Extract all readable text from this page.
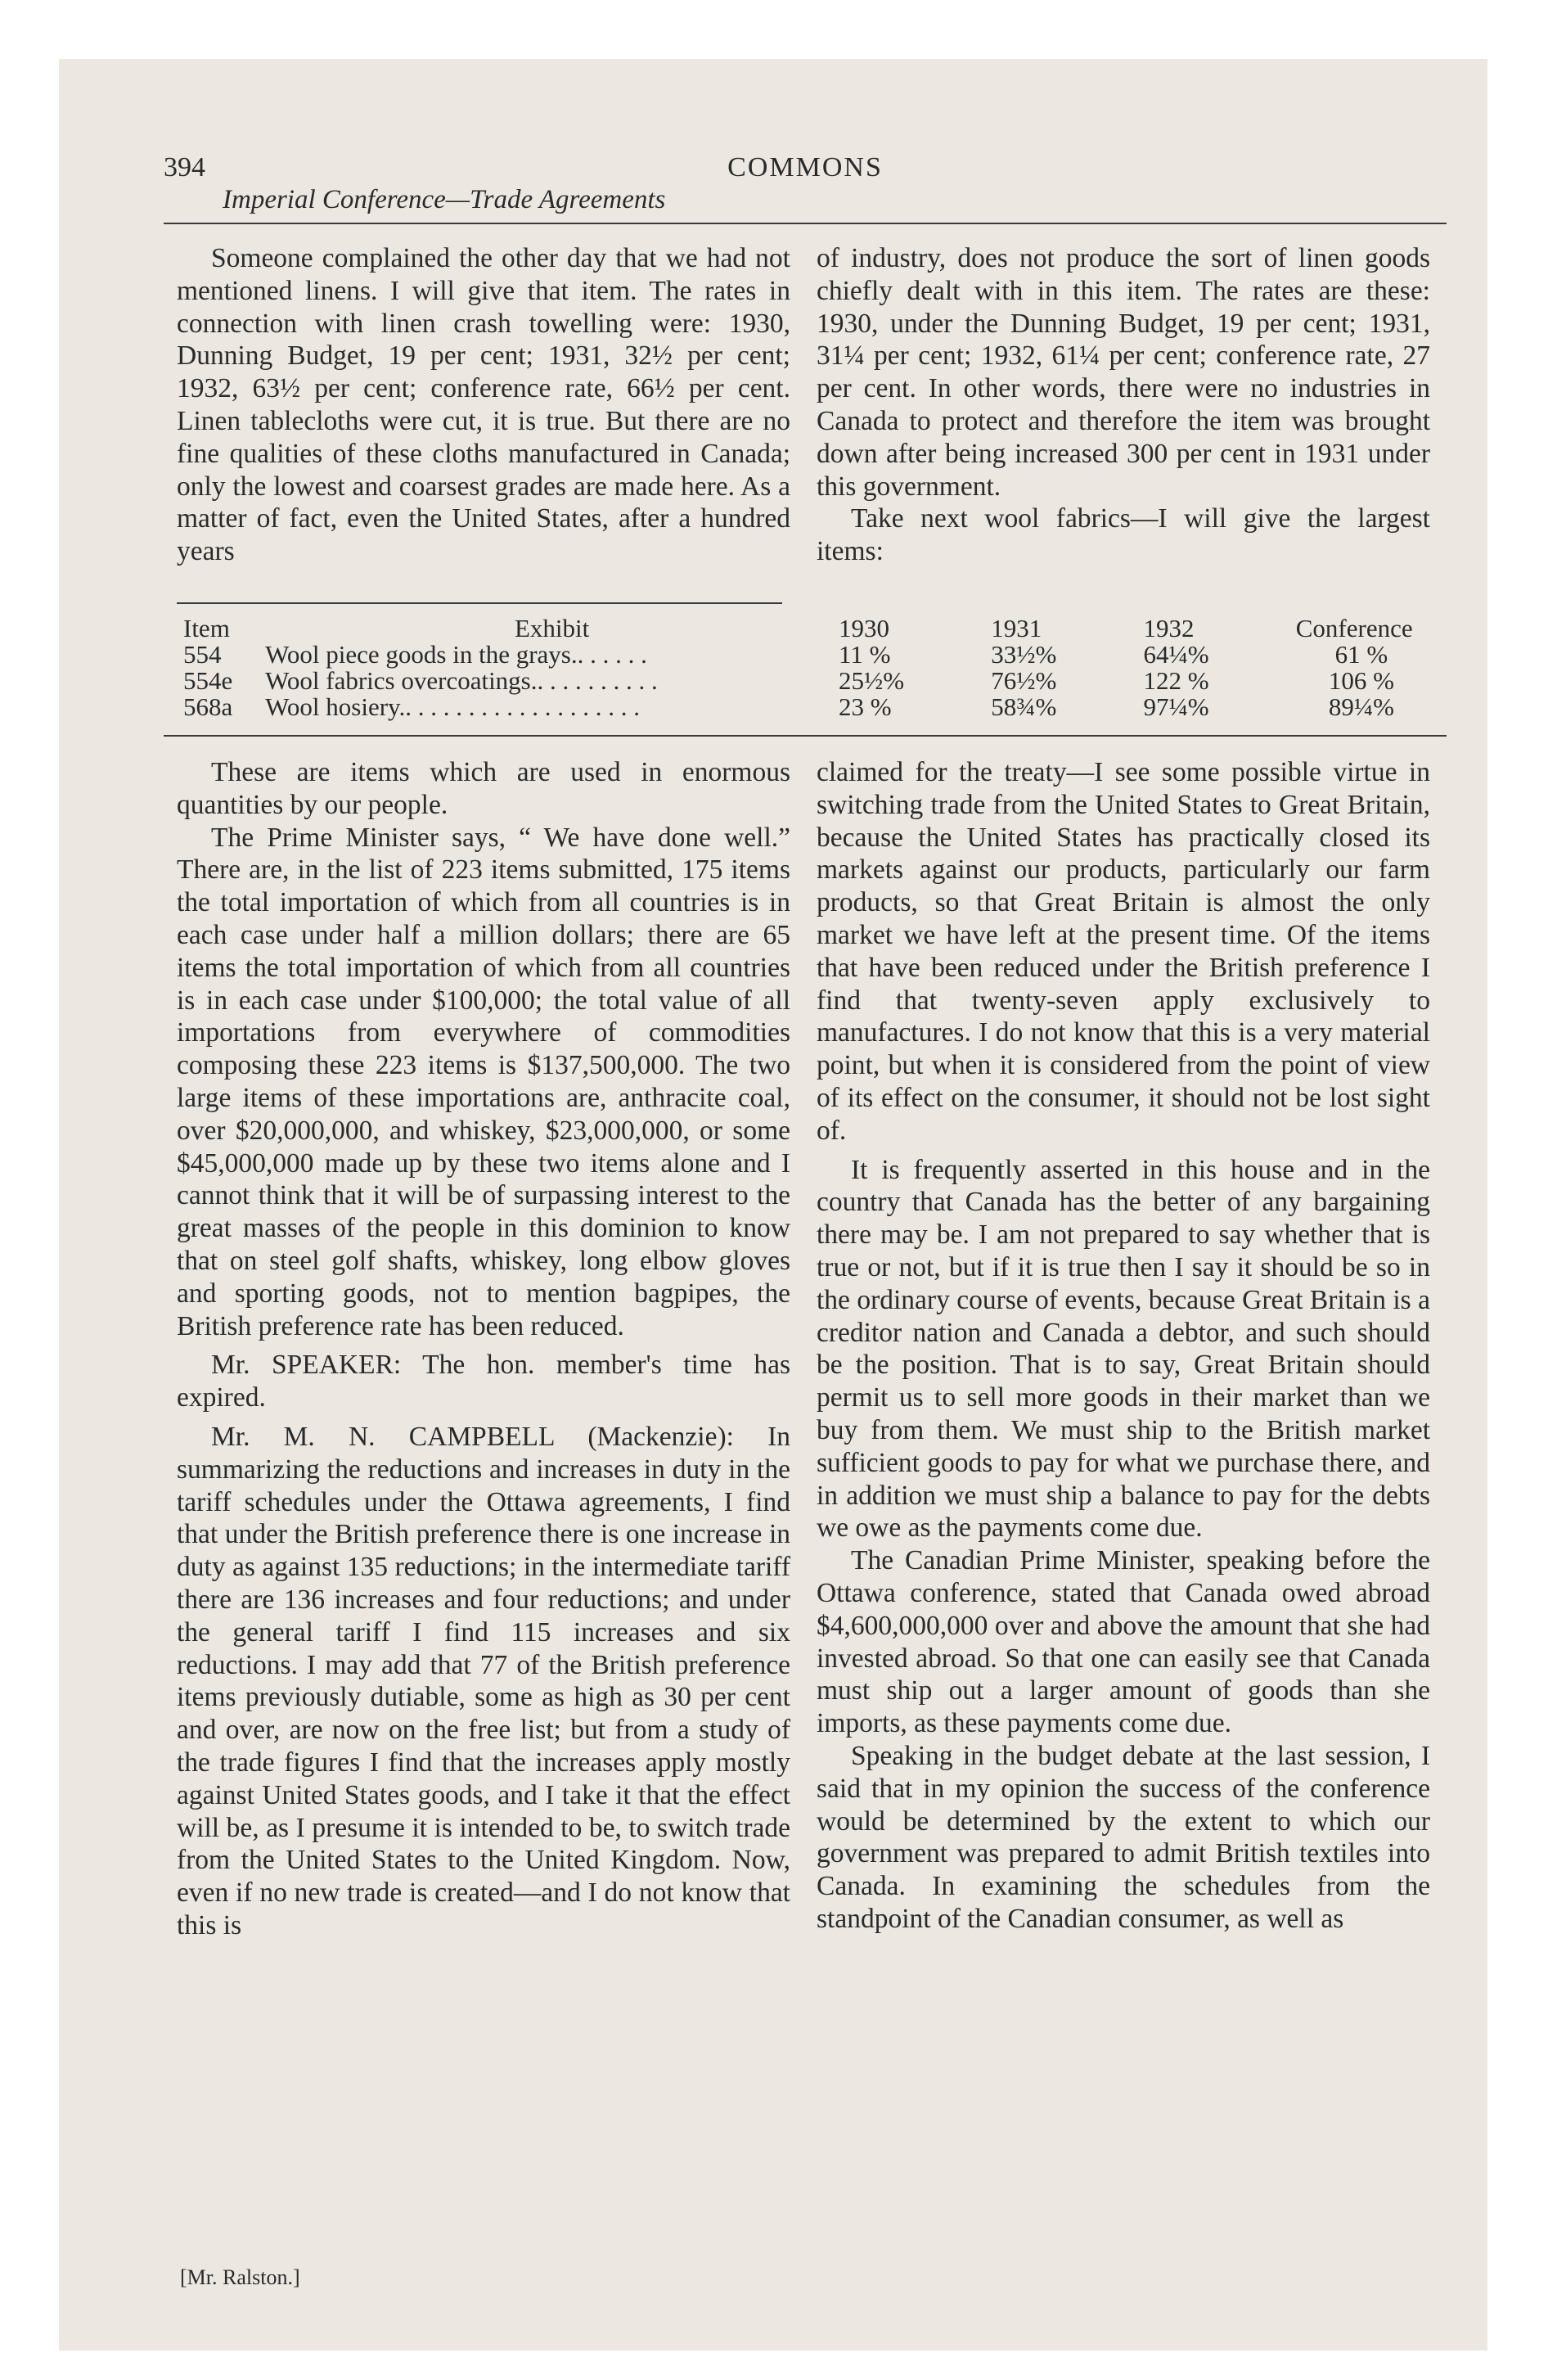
394	COMMONS
Imperial Conference—Trade Agreements

Someone complained the other day that we had not mentioned linens. I will give that item. The rates in connection with linen crash towelling were: 1930, Dunning Budget, 19 per cent; 1931, 32½ per cent; 1932, 63½ per cent; conference rate, 66½ per cent. Linen tablecloths were cut, it is true. But there are no fine qualities of these cloths manufactured in Canada; only the lowest and coarsest grades are made here. As a matter of fact, even the United States, after a hundred years

of industry, does not produce the sort of linen goods chiefly dealt with in this item. The rates are these: 1930, under the Dunning Budget, 19 per cent; 1931, 31¼ per cent; 1932, 61¼ per cent; conference rate, 27 per cent. In other words, there were no industries in Canada to protect and therefore the item was brought down after being increased 300 per cent in 1931 under this government.

Take next wool fabrics—I will give the largest items:

Item	Exhibit	1930	1931	1932	Conference
554	Wool piece goods in the grays.. . . . . .	11 %	33½%	64¼%	61 %
554e	Wool fabrics overcoatings.. . . . . . . . . .	25½%	76½%	122 %	106 %
568a	Wool hosiery.. . . . . . . . . . . . . . . . . . .	23 %	58¾%	97¼%	89¼%

These are items which are used in enormous quantities by our people.

The Prime Minister says, “ We have done well.” There are, in the list of 223 items submitted, 175 items the total importation of which from all countries is in each case under half a million dollars; there are 65 items the total importation of which from all countries is in each case under $100,000; the total value of all importations from everywhere of commodities composing these 223 items is $137,500,000. The two large items of these importations are, anthracite coal, over $20,000,000, and whiskey, $23,000,000, or some $45,000,000 made up by these two items alone and I cannot think that it will be of surpassing interest to the great masses of the people in this dominion to know that on steel golf shafts, whiskey, long elbow gloves and sporting goods, not to mention bagpipes, the British preference rate has been reduced.

Mr. SPEAKER: The hon. member's time has expired.

Mr. M. N. CAMPBELL (Mackenzie): In summarizing the reductions and increases in duty in the tariff schedules under the Ottawa agreements, I find that under the British preference there is one increase in duty as against 135 reductions; in the intermediate tariff there are 136 increases and four reductions; and under the general tariff I find 115 increases and six reductions. I may add that 77 of the British preference items previously dutiable, some as high as 30 per cent and over, are now on the free list; but from a study of the trade figures I find that the increases apply mostly against United States goods, and I take it that the effect will be, as I presume it is intended to be, to switch trade from the United States to the United Kingdom. Now, even if no new trade is created—and I do not know that this is

claimed for the treaty—I see some possible virtue in switching trade from the United States to Great Britain, because the United States has practically closed its markets against our products, particularly our farm products, so that Great Britain is almost the only market we have left at the present time. Of the items that have been reduced under the British preference I find that twenty-seven apply exclusively to manufactures. I do not know that this is a very material point, but when it is considered from the point of view of its effect on the consumer, it should not be lost sight of.

It is frequently asserted in this house and in the country that Canada has the better of any bargaining there may be. I am not prepared to say whether that is true or not, but if it is true then I say it should be so in the ordinary course of events, because Great Britain is a creditor nation and Canada a debtor, and such should be the position. That is to say, Great Britain should permit us to sell more goods in their market than we buy from them. We must ship to the British market sufficient goods to pay for what we purchase there, and in addition we must ship a balance to pay for the debts we owe as the payments come due.

The Canadian Prime Minister, speaking before the Ottawa conference, stated that Canada owed abroad $4,600,000,000 over and above the amount that she had invested abroad. So that one can easily see that Canada must ship out a larger amount of goods than she imports, as these payments come due.

Speaking in the budget debate at the last session, I said that in my opinion the success of the conference would be determined by the extent to which our government was prepared to admit British textiles into Canada. In examining the schedules from the standpoint of the Canadian consumer, as well as

[Mr. Ralston.]
